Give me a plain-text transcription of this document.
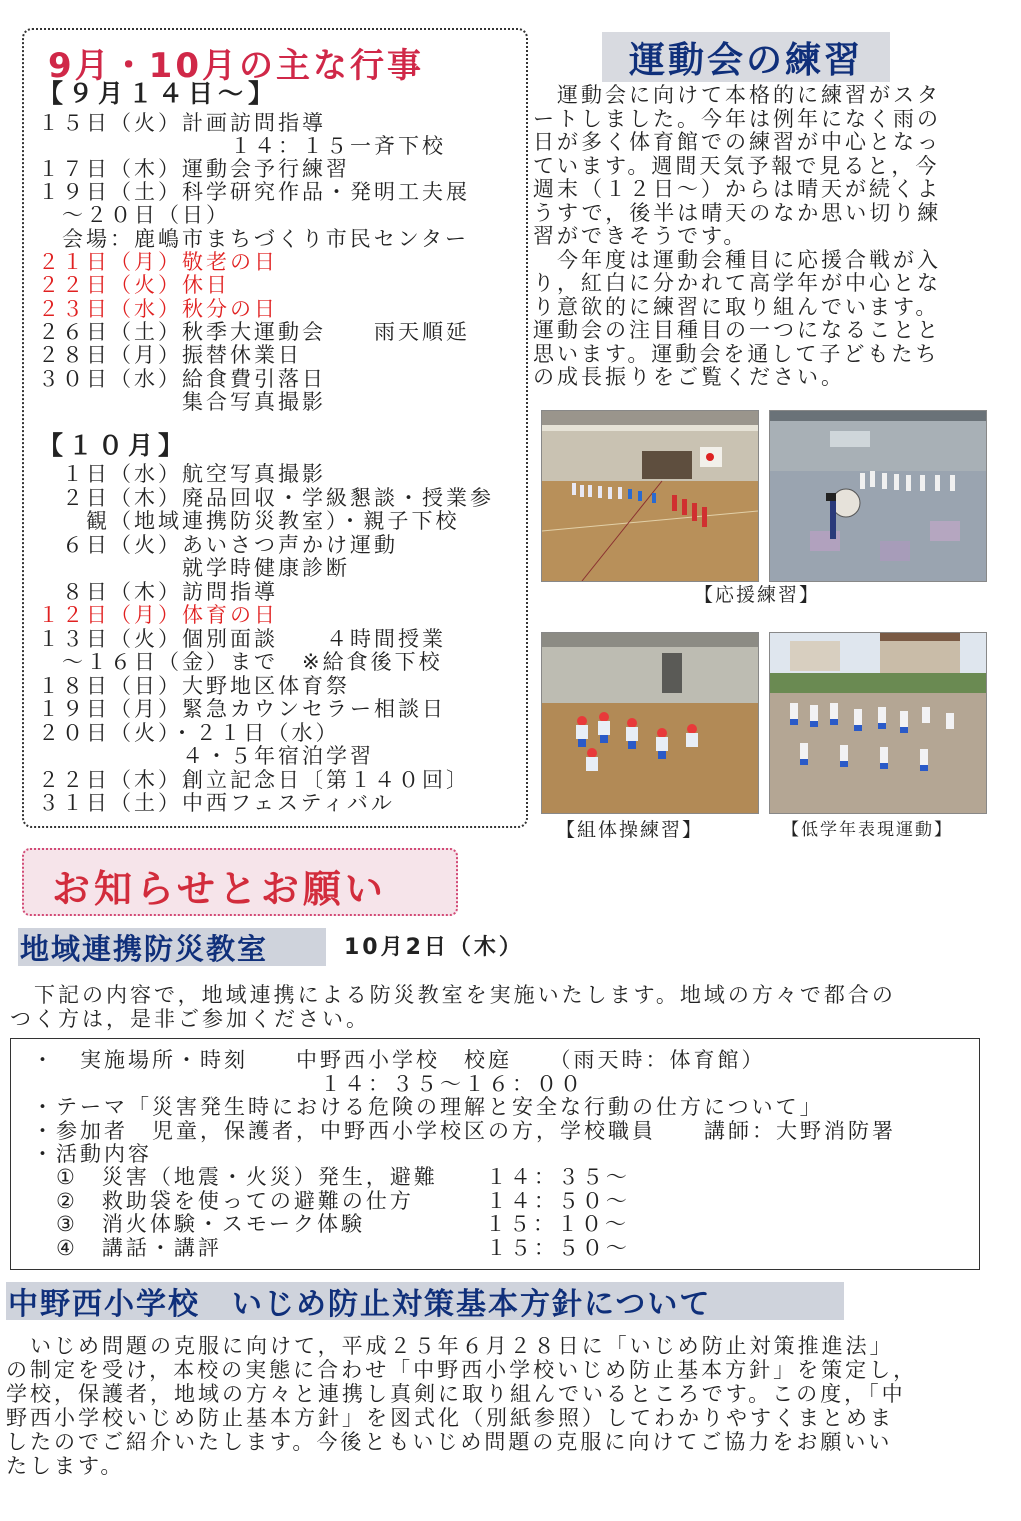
9月・10月の主な行事
【９月１４日～】
１５日（火）計画訪問指導
　　　　　　　　１４：１５一斉下校
１７日（木）運動会予行練習
１９日（土）科学研究作品・発明工夫展
　～２０日（日）
　会場：鹿嶋市まちづくり市民センター
２１日（月）敬老の日
２２日（火）休日
２３日（水）秋分の日
２６日（土）秋季大運動会　　雨天順延
２８日（月）振替休業日
３０日（水）給食費引落日
　　　　　　集合写真撮影
【１０月】
　１日（水）航空写真撮影
　２日（木）廃品回収・学級懇談・授業参
　　観（地域連携防災教室）・親子下校
　６日（火）あいさつ声かけ運動
　　　　　　就学時健康診断
　８日（木）訪問指導
１２日（月）体育の日
１３日（火）個別面談　　４時間授業
　～１６日（金）まで　※給食後下校
１８日（日）大野地区体育祭
１９日（月）緊急カウンセラー相談日
２０日（火）・２１日（水）
　　　　　　４・５年宿泊学習
２２日（木）創立記念日〔第１４０回〕
３１日（土）中西フェスティバル
運動会の練習
　運動会に向けて本格的に練習がスタ
ートしました。今年は例年になく雨の
日が多く体育館での練習が中心となっ
ています。週間天気予報で見ると，今
週末（１２日～）からは晴天が続くよ
うすで，後半は晴天のなか思い切り練
習ができそうです。
　今年度は運動会種目に応援合戦が入
り，紅白に分かれて高学年が中心とな
り意欲的に練習に取り組んでいます。
運動会の注目種目の一つになることと
思います。運動会を通して子どもたち
の成長振りをご覧ください。
【応援練習】
【組体操練習】	【低学年表現運動】
お知らせとお願い
地域連携防災教室	10月2日（木）
　下記の内容で，地域連携による防災教室を実施いたします。地域の方々で都合の
つく方は，是非ご参加ください。
・　実施場所・時刻　　中野西小学校　校庭　　（雨天時：体育館）
　　　　　　　　　　　　１４：３５～１６：００
・テーマ「災害発生時における危険の理解と安全な行動の仕方について」
・参加者　児童，保護者，中野西小学校区の方，学校職員　　講師：大野消防署
・活動内容
　①　災害（地震・火災）発生，避難　　１４：３５～
　②　救助袋を使っての避難の仕方　　　１４：５０～
　③　消火体験・スモーク体験　　　　　１５：１０～
　④　講話・講評　　　　　　　　　　　１５：５０～
中野西小学校　いじめ防止対策基本方針について
　いじめ問題の克服に向けて，平成２５年６月２８日に「いじめ防止対策推進法」
の制定を受け，本校の実態に合わせ「中野西小学校いじめ防止基本方針」を策定し，
学校，保護者，地域の方々と連携し真剣に取り組んでいるところです。この度，「中
野西小学校いじめ防止基本方針」を図式化（別紙参照）してわかりやすくまとめま
したのでご紹介いたします。今後ともいじめ問題の克服に向けてご協力をお願いい
たします。
